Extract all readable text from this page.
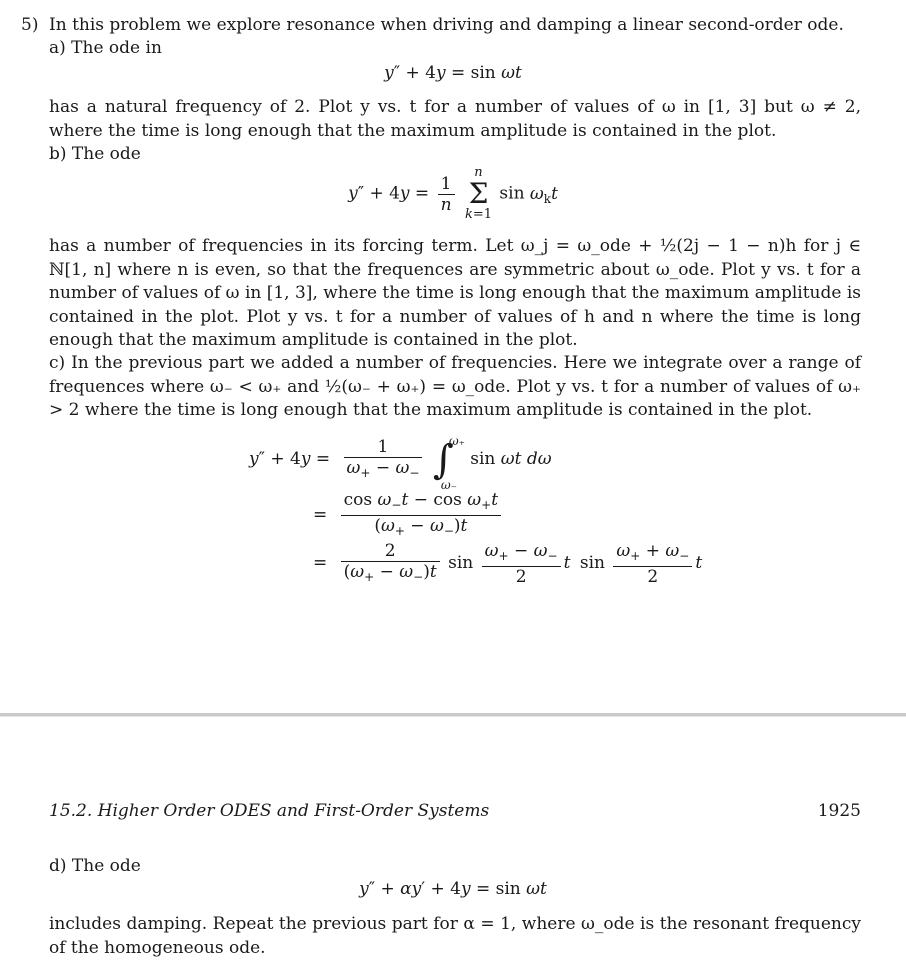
5) In this problem we explore resonance when driving and damping a linear second-order ode.
a) The ode in
y″ + 4y = sin ωt
has a natural frequency of 2. Plot y vs. t for a number of values of ω in [1, 3] but ω ≠ 2, where the time is long enough that the maximum amplitude is contained in the plot.
b) The ode
$y'' + 4y = \frac{1}{n}$
n
Σ
k=1 $\sin \omega_kt$
has a number of frequencies in its forcing term. Let ω_j = ω_ode + ½(2j − 1 − n)h for j ∈ ℕ[1, n] where n is even, so that the frequences are symmetric about ω_ode. Plot y vs. t for a number of values of ω in [1, 3], where the time is long enough that the maximum amplitude is contained in the plot. Plot y vs. t for a number of values of h and n where the time is long enough that the maximum amplitude is contained in the plot.
c) In the previous part we added a number of frequencies. Here we integrate over a range of frequences where ω₋ < ω₊ and ½(ω₋ + ω₊) = ω_ode. Plot y vs. t for a number of values of ω₊ > 2 where the time is long enough that the maximum amplitude is contained in the plot.
$y'' + 4y = \frac{1}{\omega_+ - \omega_-}$
∫
ω₊
ω₋
sin ωt dω
= $\frac{\cos \omega_-t - \cos \omega_+t}{(\omega_+ - \omega_-)t}$
= $\frac{2}{(\omega_+ - \omega_-)t}$ $\sin \frac{\omega_+ - \omega_-}{2}$ t $\sin \frac{\omega_+ + \omega_-}{2}$ t
15.2. Higher Order ODES and First-Order Systems	1925
d) The ode
y″ + αy′ + 4y = sin ωt
includes damping. Repeat the previous part for α = 1, where ω_ode is the resonant frequency of the homogeneous ode.
